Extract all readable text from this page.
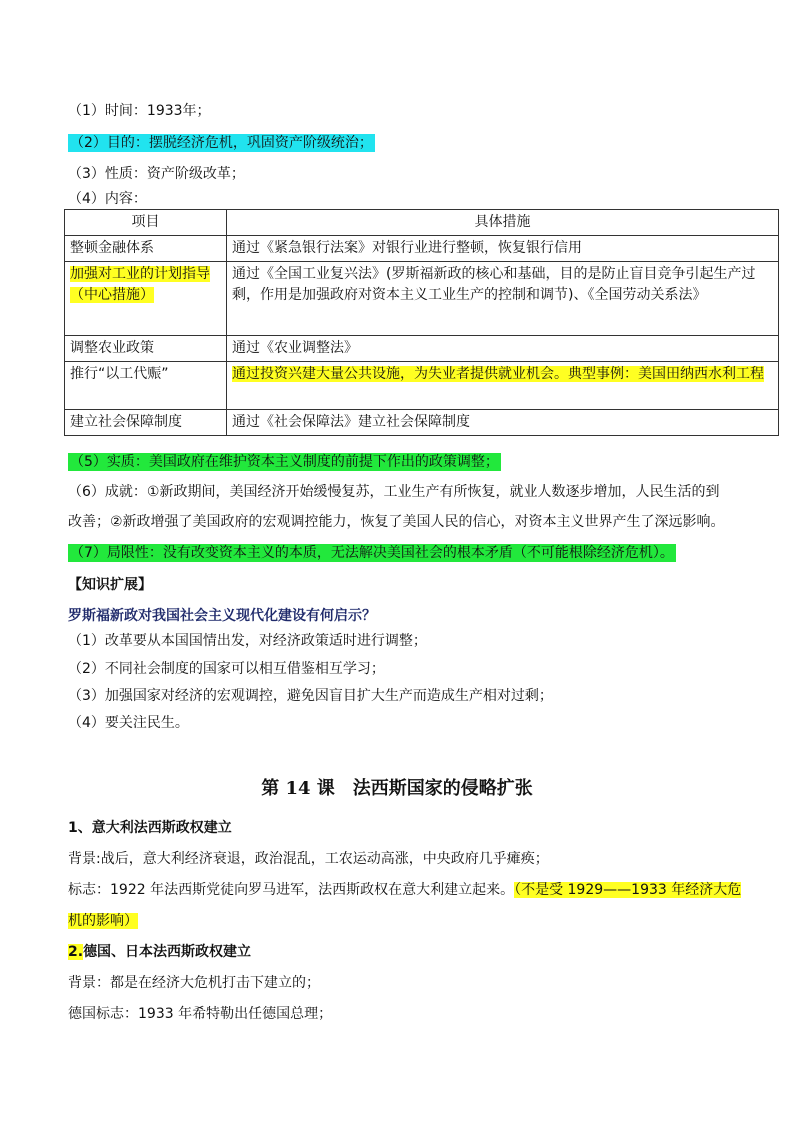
（1）时间：1933年；
（2）目的：摆脱经济危机，巩固资产阶级统治；
（3）性质：资产阶级改革；
（4）内容：
项目	具体措施
整顿金融体系	通过《紧急银行法案》对银行业进行整顿，恢复银行信用
加强对工业的计划指导（中心措施）	通过《全国工业复兴法》(罗斯福新政的核心和基础，目的是防止盲目竞争引起生产过剩，作用是加强政府对资本主义工业生产的控制和调节)、《全国劳动关系法》
调整农业政策	通过《农业调整法》
推行“以工代赈”	通过投资兴建大量公共设施，为失业者提供就业机会。典型事例：美国田纳西水利工程
建立社会保障制度	通过《社会保障法》建立社会保障制度
（5）实质：美国政府在维护资本主义制度的前提下作出的政策调整；
（6）成就：①新政期间，美国经济开始缓慢复苏，工业生产有所恢复，就业人数逐步增加，人民生活的到
改善；②新政增强了美国政府的宏观调控能力，恢复了美国人民的信心，对资本主义世界产生了深远影响。
（7）局限性：没有改变资本主义的本质，无法解决美国社会的根本矛盾（不可能根除经济危机）。
【知识扩展】
罗斯福新政对我国社会主义现代化建设有何启示？
（1）改革要从本国国情出发，对经济政策适时进行调整；
（2）不同社会制度的国家可以相互借鉴相互学习；
（3）加强国家对经济的宏观调控，避免因盲目扩大生产而造成生产相对过剩；
（4）要关注民生。
第 14 课 法西斯国家的侵略扩张
1、意大利法西斯政权建立
背景:战后，意大利经济衰退，政治混乱，工农运动高涨，中央政府几乎瘫痪；
标志：1922 年法西斯党徒向罗马进军，法西斯政权在意大利建立起来。（不是受 1929——1933 年经济大危
机的影响）
2.德国、日本法西斯政权建立
背景：都是在经济大危机打击下建立的；
德国标志：1933 年希特勒出任德国总理；
